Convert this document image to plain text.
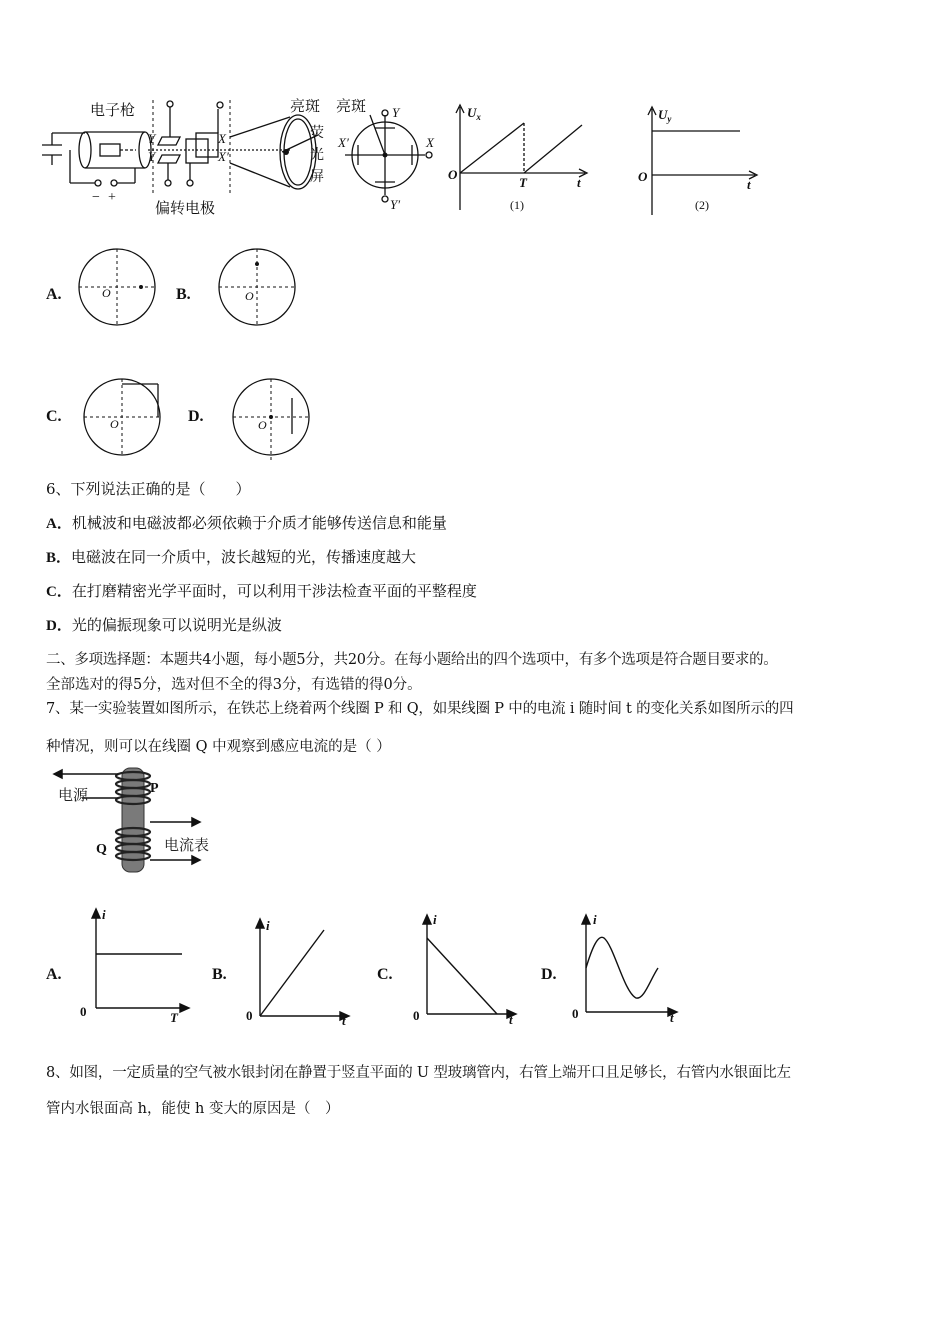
电子枪
− +
Y
Y
X
X′
偏转电极
亮斑
荧
光
屏
亮斑 Y
Y′
X
X′
$U_x$
O
T	t
(1)
$U_y$
O
t
(2)
A.	O	B.	O
C.	O	D.	O
6、下列说法正确的是（　　）
A．机械波和电磁波都必须依赖于介质才能够传送信息和能量
B．电磁波在同一介质中，波长越短的光，传播速度越大
C．在打磨精密光学平面时，可以利用干涉法检查平面的平整程度
D．光的偏振现象可以说明光是纵波
二、多项选择题：本题共4小题，每小题5分，共20分。在每小题给出的四个选项中，有多个选项是符合题目要求的。
全部选对的得5分，选对但不全的得3分，有选错的得0分。
7、某一实验装置如图所示，在铁芯上绕着两个线圈 P 和 Q，如果线圈 P 中的电流 i 随时间 t 的变化关系如图所示的四
种情况，则可以在线圈 Q 中观察到感应电流的是（ ）
电源	P
Q	电流表
A.
i
0	T
B.
i
0	t
C.
i
0	t
D.
i
0	t
8、如图，一定质量的空气被水银封闭在静置于竖直平面的 U 型玻璃管内，右管上端开口且足够长，右管内水银面比左
管内水银面高 h，能使 h 变大的原因是（　）
